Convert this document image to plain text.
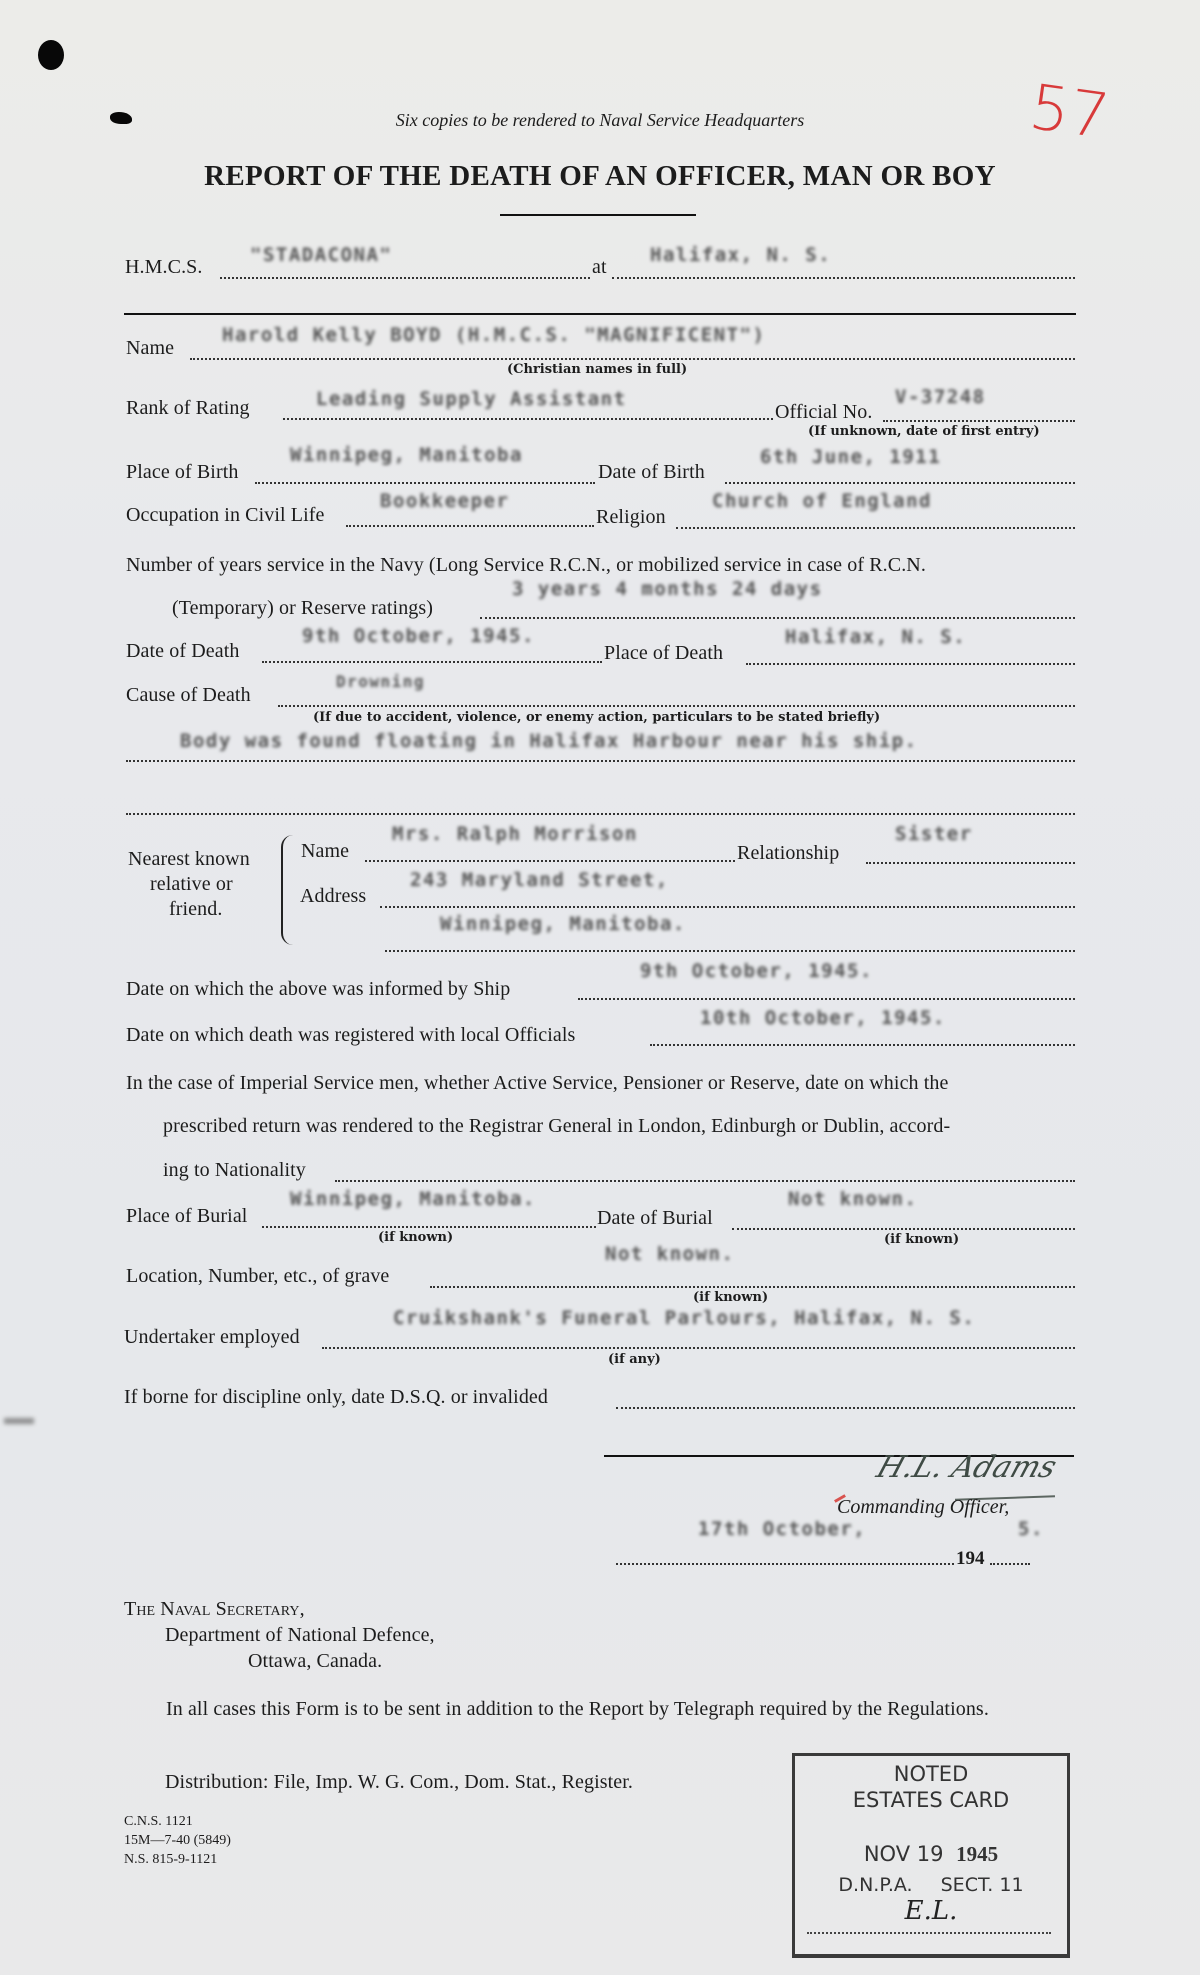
57
Six copies to be rendered to Naval Service Headquarters
REPORT OF THE DEATH OF AN OFFICER, MAN OR BOY
H.M.C.S.
"STADACONA"
at
Halifax, N. S.
Name
Harold Kelly BOYD (H.M.C.S. "MAGNIFICENT")
(Christian names in full)
Rank of Rating	Leading Supply Assistant
Official No.
V-37248
(If unknown, date of first entry)
Place of Birth
Winnipeg, Manitoba
Date of Birth
6th June, 1911
Occupation in Civil Life
Bookkeeper
Religion
Church of England
Number of years service in the Navy (Long Service R.C.N., or mobilized service in case of R.C.N.
(Temporary) or Reserve ratings)
3 years 4 months 24 days
Date of Death
9th October, 1945.
Place of Death
Halifax, N. S.
Cause of Death
Drowning
(If due to accident, violence, or enemy action, particulars to be stated briefly)
Body was found floating in Halifax Harbour near his ship.
Nearest known
relative or
friend.
Name
Mrs. Ralph Morrison
Relationship
Sister
Address
243 Maryland Street,
Winnipeg, Manitoba.
Date on which the above was informed by Ship
9th October, 1945.
Date on which death was registered with local Officials
10th October, 1945.
In the case of Imperial Service men, whether Active Service, Pensioner or Reserve, date on which the
prescribed return was rendered to the Registrar General in London, Edinburgh or Dublin, accord-
ing to Nationality
Place of Burial
Winnipeg, Manitoba.
(if known)
Date of Burial
Not known.
(if known)
Location, Number, etc., of grave
Not known.
(if known)
Undertaker employed
Cruikshank's Funeral Parlours, Halifax, N. S.
(if any)
If borne for discipline only, date D.S.Q. or invalided
H.L. Adams
Commanding Officer,
17th October,	5.
194
The Naval Secretary,
Department of National Defence,
Ottawa, Canada.
In all cases this Form is to be sent in addition to the Report by Telegraph required by the Regulations.
Distribution: File, Imp. W. G. Com., Dom. Stat., Register.
C.N.S. 1121
15M—7-40 (5849)
N.S. 815-9-1121
NOTED
ESTATES CARD
NOV 19 1945
D.N.P.A. SECT. 11
E.L.
